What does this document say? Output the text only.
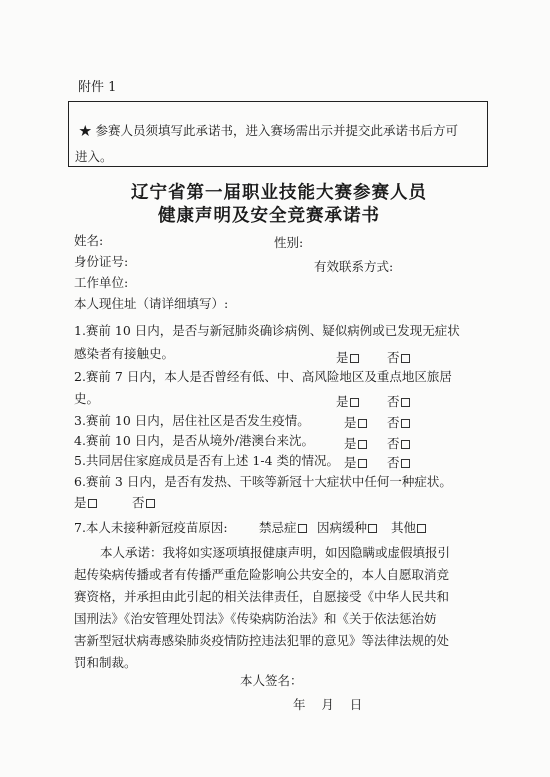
附件 1
★ 参赛人员须填写此承诺书，进入赛场需出示并提交此承诺书后方可
进入。
辽宁省第一届职业技能大赛参赛人员
健康声明及安全竞赛承诺书
姓名:	性别:
身份证号:	有效联系方式:
工作单位:
本人现住址（请详细填写）:
1.赛前 10 日内，是否与新冠肺炎确诊病例、疑似病例或已发现无症状
感染者有接触史。	是	否
2.赛前 7 日内，本人是否曾经有低、中、高风险地区及重点地区旅居
史。	是	否
3.赛前 10 日内，居住社区是否发生疫情。	是	否
4.赛前 10 日内，是否从境外/港澳台来沈。 是	否
5.共同居住家庭成员是否有上述 1-4 类的情况。 是	否
6.赛前 3 日内，是否有发热、干咳等新冠十大症状中任何一种症状。
是	否
7.本人未接种新冠疫苗原因:	禁忌症	因病缓种	其他
本人承诺：我将如实逐项填报健康声明，如因隐瞒或虚假填报引
起传染病传播或者有传播严重危险影响公共安全的，本人自愿取消竞
赛资格，并承担由此引起的相关法律责任，自愿接受《中华人民共和
国刑法》《治安管理处罚法》《传染病防治法》和《关于依法惩治妨
害新型冠状病毒感染肺炎疫情防控违法犯罪的意见》等法律法规的处
罚和制裁。
本人签名：
年    月    日
